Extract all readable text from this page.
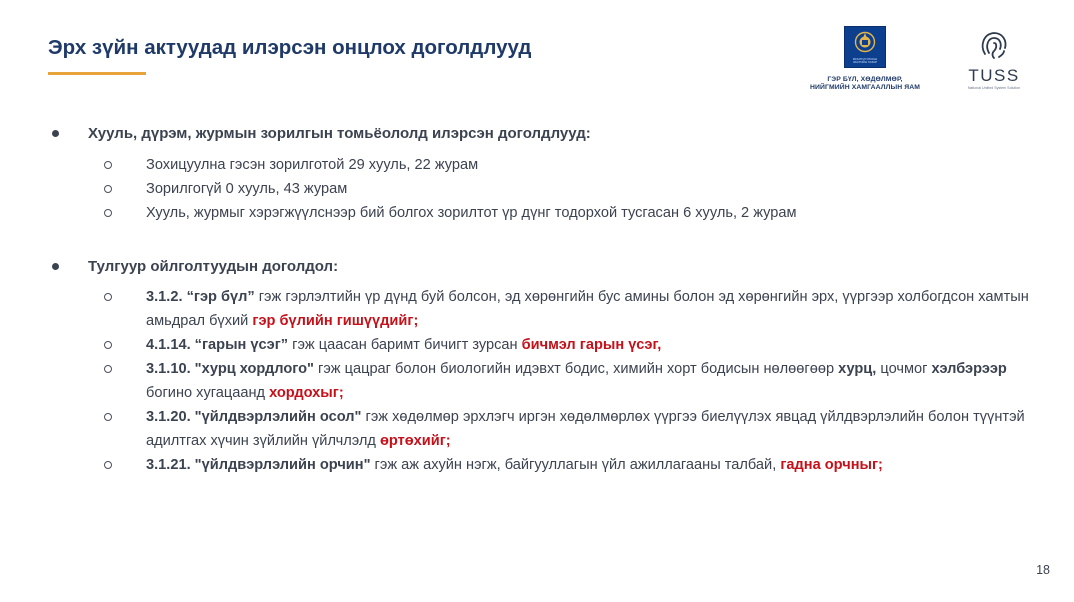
Эрх зүйн актуудад илэрсэн онцлох доголдлууд	МОНГОЛ УЛСЫН ЗАСГИЙН ГАЗАР
ГЭР БҮЛ, ХӨДӨЛМӨР,
НИЙГМИЙН ХАМГААЛЛЫН ЯАМ
TUSS
National Unified System Solution
Хууль, дүрэм, журмын зорилгын томьёололд илэрсэн доголдлууд:
Зохицуулна гэсэн зорилготой 29 хууль, 22 журам
Зорилгогүй 0 хууль, 43 журам
Хууль, журмыг хэрэгжүүлснээр бий болгох зорилтот үр дүнг тодорхой тусгасан 6 хууль, 2 журам
Тулгуур ойлголтуудын доголдол:
3.1.2. “гэр бүл” гэж гэрлэлтийн үр дүнд буй болсон, эд хөрөнгийн бус амины болон эд хөрөнгийн эрх, үүргээр холбогдсон хамтын амьдрал бүхий гэр бүлийн гишүүдийг;
4.1.14. “гарын үсэг” гэж цаасан баримт бичигт зурсан бичмэл гарын үсэг,
3.1.10. "хурц хордлого" гэж цацраг болон биологийн идэвхт бодис, химийн хорт бодисын нөлөөгөөр хурц, цочмог хэлбэрээр богино хугацаанд хордохыг;
3.1.20. "үйлдвэрлэлийн осол" гэж хөдөлмөр эрхлэгч иргэн хөдөлмөрлөх үүргээ биелүүлэх явцад үйлдвэрлэлийн болон түүнтэй адилтгах хүчин зүйлийн үйлчлэлд өртөхийг;
3.1.21. "үйлдвэрлэлийн орчин" гэж аж ахуйн нэгж, байгууллагын үйл ажиллагааны талбай, гадна орчныг;
18
